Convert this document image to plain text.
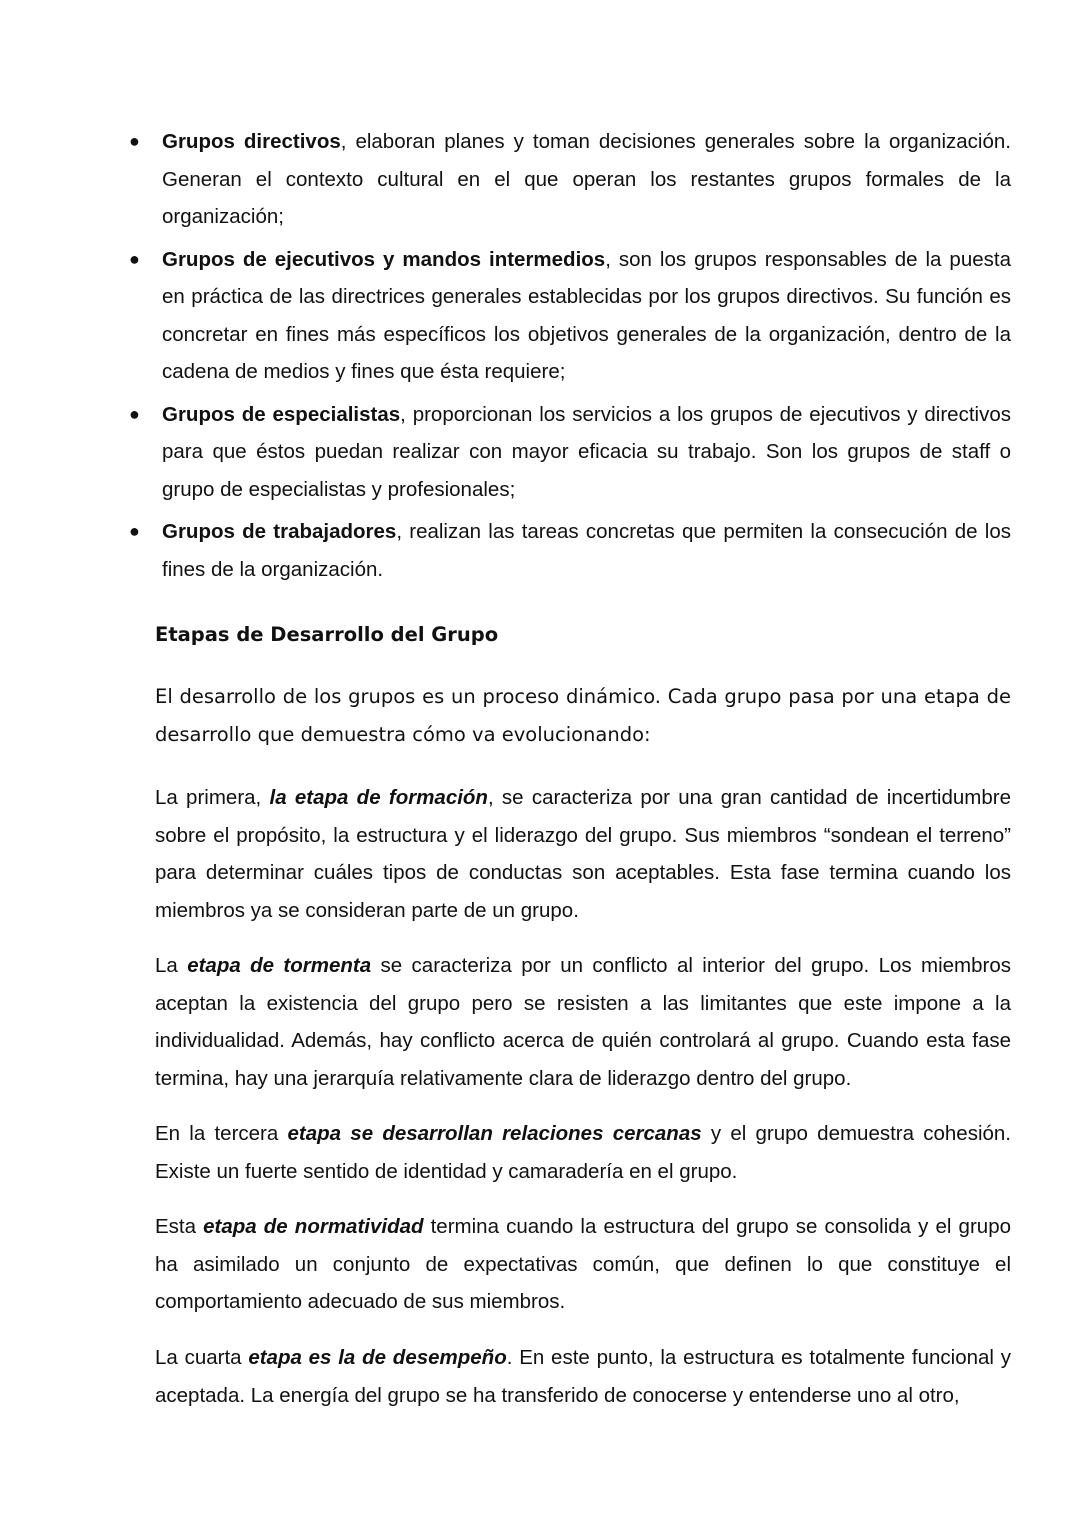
● Grupos directivos, elaboran planes y toman decisiones generales sobre la organización. Generan el contexto cultural en el que operan los restantes grupos formales de la organización;
● Grupos de ejecutivos y mandos intermedios, son los grupos responsables de la puesta en práctica de las directrices generales establecidas por los grupos directivos. Su función es concretar en fines más específicos los objetivos generales de la organización, dentro de la cadena de medios y fines que ésta requiere;
● Grupos de especialistas, proporcionan los servicios a los grupos de ejecutivos y directivos para que éstos puedan realizar con mayor eficacia su trabajo. Son los grupos de staff o grupo de especialistas y profesionales;
● Grupos de trabajadores, realizan las tareas concretas que permiten la consecución de los fines de la organización.
Etapas de Desarrollo del Grupo

El desarrollo de los grupos es un proceso dinámico. Cada grupo pasa por una etapa de desarrollo que demuestra cómo va evolucionando:

La primera, la etapa de formación, se caracteriza por una gran cantidad de incertidumbre sobre el propósito, la estructura y el liderazgo del grupo. Sus miembros “sondean el terreno” para determinar cuáles tipos de conductas son aceptables. Esta fase termina cuando los miembros ya se consideran parte de un grupo.

La etapa de tormenta se caracteriza por un conflicto al interior del grupo. Los miembros aceptan la existencia del grupo pero se resisten a las limitantes que este impone a la individualidad. Además, hay conflicto acerca de quién controlará al grupo. Cuando esta fase termina, hay una jerarquía relativamente clara de liderazgo dentro del grupo.

En la tercera etapa se desarrollan relaciones cercanas y el grupo demuestra cohesión. Existe un fuerte sentido de identidad y camaradería en el grupo.

Esta etapa de normatividad termina cuando la estructura del grupo se consolida y el grupo ha asimilado un conjunto de expectativas común, que definen lo que constituye el comportamiento adecuado de sus miembros.

La cuarta etapa es la de desempeño. En este punto, la estructura es totalmente funcional y aceptada. La energía del grupo se ha transferido de conocerse y entenderse uno al otro,
